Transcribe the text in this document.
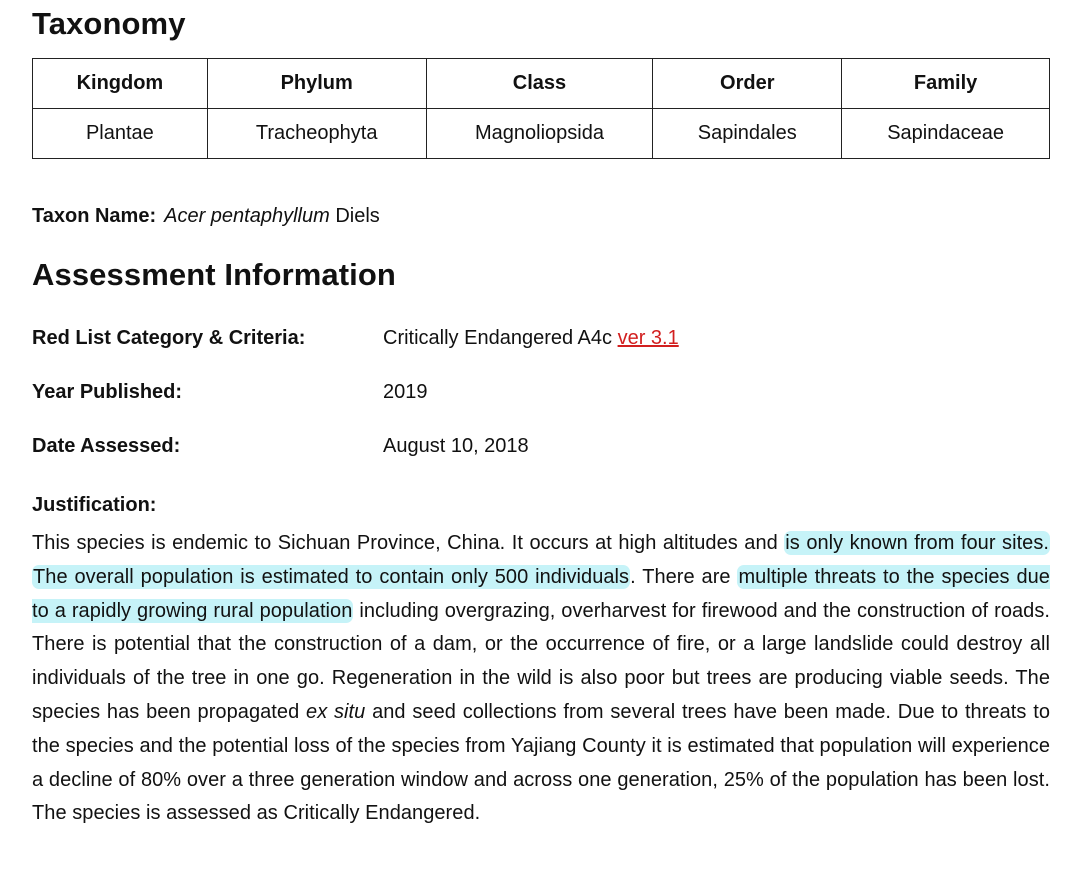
Taxonomy
Kingdom	Phylum	Class	Order	Family
Plantae	Tracheophyta	Magnoliopsida	Sapindales	Sapindaceae
Taxon Name: Acer pentaphyllum Diels
Assessment Information
Red List Category & Criteria:	Critically Endangered A4c ver 3.1
Year Published:	2019
Date Assessed:	August 10, 2018
Justification:

This species is endemic to Sichuan Province, China. It occurs at high altitudes and is only known from four sites. The overall population is estimated to contain only 500 individuals. There are multiple threats to the species due to a rapidly growing rural population including overgrazing, overharvest for firewood and the construction of roads. There is potential that the construction of a dam, or the occurrence of fire, or a large landslide could destroy all individuals of the tree in one go. Regeneration in the wild is also poor but trees are producing viable seeds. The species has been propagated ex situ and seed collections from several trees have been made. Due to threats to the species and the potential loss of the species from Yajiang County it is estimated that population will experience a decline of 80% over a three generation window and across one generation, 25% of the population has been lost. The species is assessed as Critically Endangered.
